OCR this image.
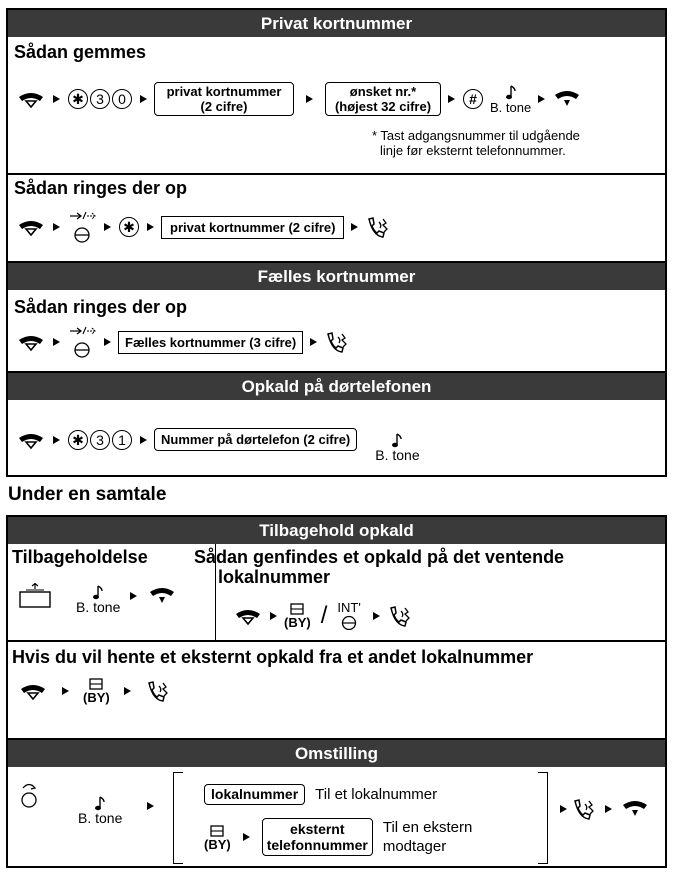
Privat kortnummer
Sådan gemmes
✱ 3	0	privat kortnummer
(2 cifre)
ønsket nr.*
(højest 32 cifre)	#	B. tone
* Tast adgangsnummer til udgående
linje før eksternt telefonnummer.
Sådan ringes der op
✱	privat kortnummer (2 cifre)
Fælles kortnummer
Sådan ringes der op
Fælles kortnummer (3 cifre)
Opkald på dørtelefonen
✱ 3	1	Nummer på dørtelefon (2 cifre)
B. tone
Under en samtale
Tilbagehold opkald
Tilbageholdelse	Sådan genfindes et opkald på det ventende
lokalnummer
B. tone
(BY) / INT'
Hvis du vil hente et eksternt opkald fra et andet lokalnummer
(BY)
Omstilling
B. tone
lokalnummer	Til et lokalnummer
(BY)
eksternt
telefonnummer
Til en ekstern
modtager
